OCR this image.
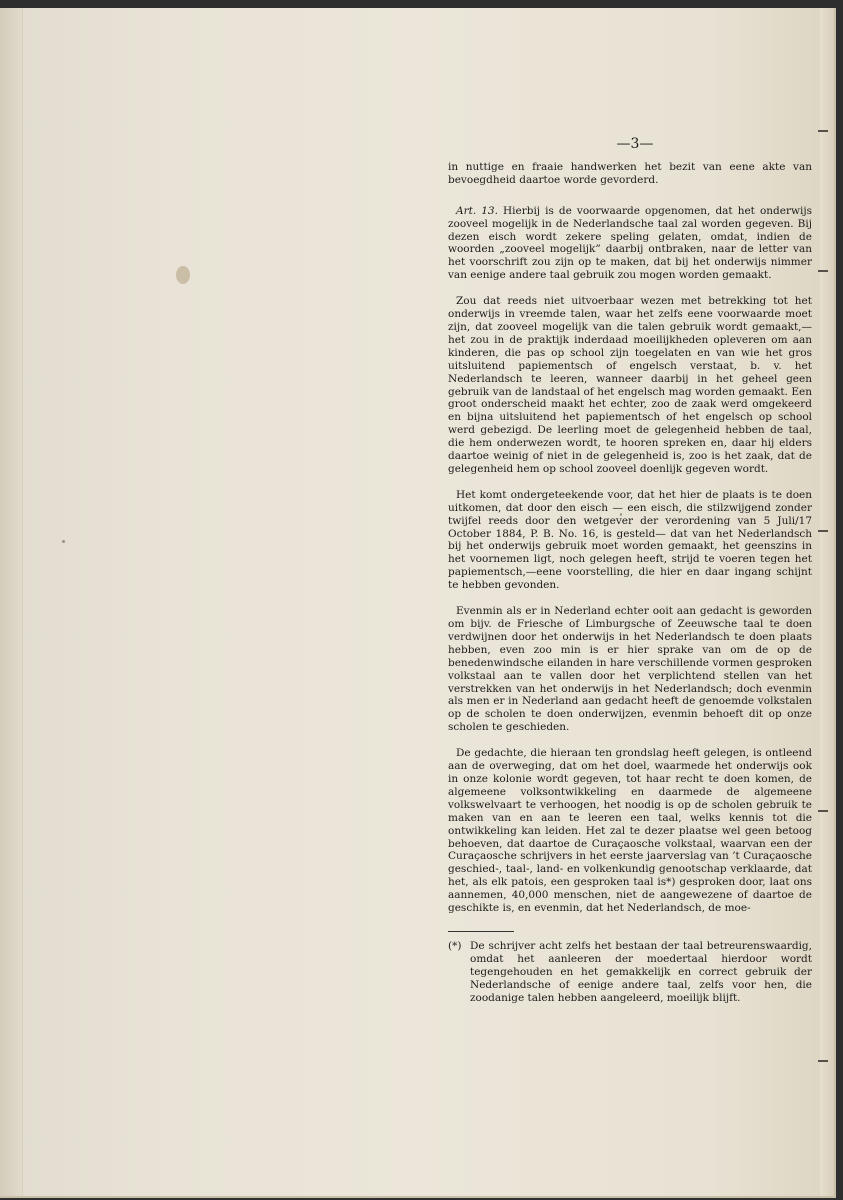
—3—

in nuttige en fraaie handwerken het bezit van eene akte van bevoegdheid daartoe worde gevorderd.

Art. 13. Hierbij is de voorwaarde opgenomen, dat het onderwijs zooveel mogelijk in de Nederlandsche taal zal worden gegeven. Bij dezen eisch wordt zekere speling gelaten, omdat, indien de woorden „zooveel mogelijk” daarbij ontbraken, naar de letter van het voorschrift zou zijn op te maken, dat bij het onderwijs nimmer van eenige andere taal gebruik zou mogen worden gemaakt.

Zou dat reeds niet uitvoerbaar wezen met betrekking tot het onderwijs in vreemde talen, waar het zelfs eene voorwaarde moet zijn, dat zooveel mogelijk van die talen gebruik wordt gemaakt,— het zou in de praktijk inderdaad moeilijkheden opleveren om aan kinderen, die pas op school zijn toegelaten en van wie het gros uitsluitend papiementsch of engelsch verstaat, b. v. het Nederlandsch te leeren, wanneer daarbij in het geheel geen gebruik van de landstaal of het engelsch mag worden gemaakt. Een groot onderscheid maakt het echter, zoo de zaak werd omgekeerd en bijna uitsluitend het papiementsch of het engelsch op school werd gebezigd. De leerling moet de gelegenheid hebben de taal, die hem onderwezen wordt, te hooren spreken en, daar hij elders daartoe weinig of niet in de gelegenheid is, zoo is het zaak, dat de gelegenheid hem op school zooveel doenlijk gegeven wordt.

Het komt ondergeteekende voor, dat het hier de plaats is te doen uitkomen, dat door den eisch — een eisch, die stilzwijgend zonder twijfel reeds door den wetgever der verordening van 5 Juli/17 October 1884, P. B. No. 16, is gesteld— dat van het Nederlandsch bij het onderwijs gebruik moet worden gemaakt, het geenszins in het voornemen ligt, noch gelegen heeft, strijd te voeren tegen het papiementsch,—eene voorstelling, die hier en daar ingang schijnt te hebben gevonden.

Evenmin als er in Nederland echter ooit aan gedacht is geworden om bijv. de Friesche of Limburgsche of Zeeuwsche taal te doen verdwijnen door het onderwijs in het Nederlandsch te doen plaats hebben, even zoo min is er hier sprake van om de op de benedenwindsche eilanden in hare verschillende vormen gesproken volkstaal aan te vallen door het verplichtend stellen van het verstrekken van het onderwijs in het Nederlandsch; doch evenmin als men er in Nederland aan gedacht heeft de genoemde volkstalen op de scholen te doen onderwijzen, evenmin behoeft dit op onze scholen te geschieden.

De gedachte, die hieraan ten grondslag heeft gelegen, is ontleend aan de overweging, dat om het doel, waarmede het onderwijs ook in onze kolonie wordt gegeven, tot haar recht te doen komen, de algemeene volksontwikkeling en daarmede de algemeene volkswelvaart te verhoogen, het noodig is op de scholen gebruik te maken van en aan te leeren een taal, welks kennis tot die ontwikkeling kan leiden. Het zal te dezer plaatse wel geen betoog behoeven, dat daartoe de Curaçaosche volkstaal, waarvan een der Curaçaosche schrijvers in het eerste jaarverslag van ’t Curaçaosche geschied-, taal-, land- en volkenkundig genootschap verklaarde, dat het, als elk patois, een gesproken taal is*) gesproken door, laat ons aannemen, 40,000 menschen, niet de aangewezene of daartoe de geschikte is, en evenmin, dat het Nederlandsch, de moe-

(*) De schrijver acht zelfs het bestaan der taal betreurenswaardig, omdat het aanleeren der moedertaal hierdoor wordt tegengehouden en het gemakkelijk en correct gebruik der Nederlandsche of eenige andere taal, zelfs voor hen, die zoodanige talen hebben aangeleerd, moeilijk blijft.
